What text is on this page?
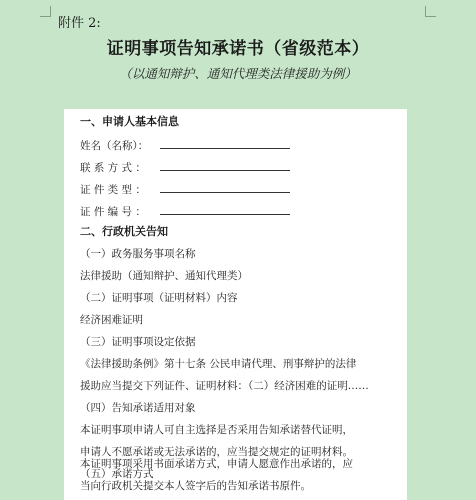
附件 2:
证明事项告知承诺书（省级范本）
（以通知辩护、通知代理类法律援助为例）
一、申请人基本信息
姓名（名称）：
联 系 方 式 ：
证 件 类 型 ：
证 件 编 号 ：
二、行政机关告知
（一）政务服务事项名称
法律援助（通知辩护、通知代理类）
（二）证明事项（证明材料）内容
经济困难证明
（三）证明事项设定依据
《法律援助条例》第十七条 公民申请代理、刑事辩护的法律
援助应当提交下列证件、证明材料：（二）经济困难的证明……
（四）告知承诺适用对象
本证明事项申请人可自主选择是否采用告知承诺替代证明，
申请人不愿承诺或无法承诺的，应当提交规定的证明材料。
（五）承诺方式
本证明事项采用书面承诺方式，申请人愿意作出承诺的，应
当向行政机关提交本人签字后的告知承诺书原件。
